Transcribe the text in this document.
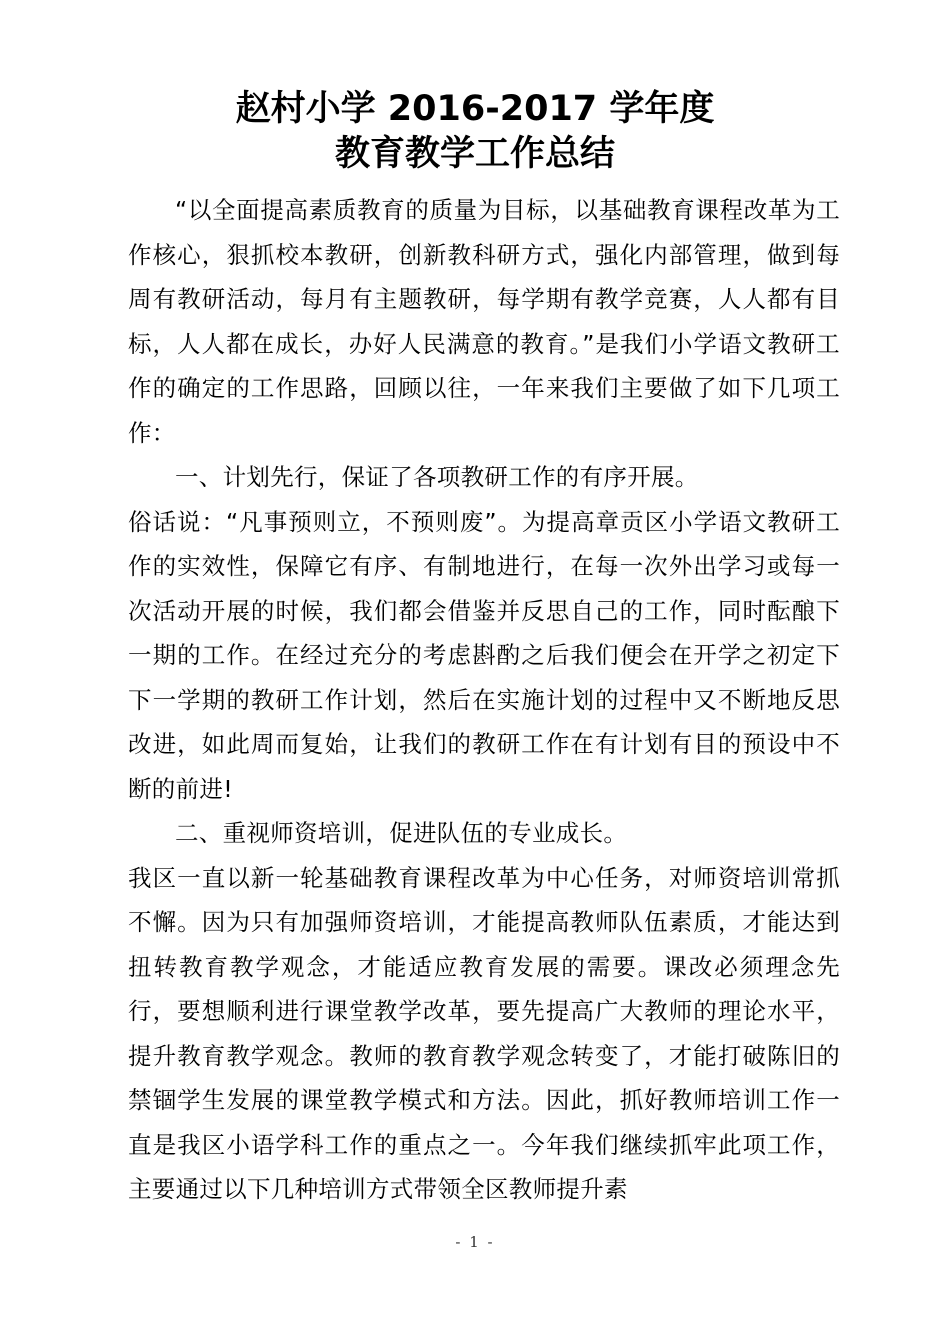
赵村小学 2016-2017 学年度
教育教学工作总结

“以全面提高素质教育的质量为目标，以基础教育课程改革为工作核心，狠抓校本教研，创新教科研方式，强化内部管理，做到每周有教研活动，每月有主题教研，每学期有教学竞赛，人人都有目标，人人都在成长，办好人民满意的教育。”是我们小学语文教研工作的确定的工作思路，回顾以往，一年来我们主要做了如下几项工作：

一、计划先行，保证了各项教研工作的有序开展。

俗话说：“凡事预则立，不预则废”。为提高章贡区小学语文教研工作的实效性，保障它有序、有制地进行，在每一次外出学习或每一次活动开展的时候，我们都会借鉴并反思自己的工作，同时酝酿下一期的工作。在经过充分的考虑斟酌之后我们便会在开学之初定下下一学期的教研工作计划，然后在实施计划的过程中又不断地反思改进，如此周而复始，让我们的教研工作在有计划有目的预设中不断的前进!

二、重视师资培训，促进队伍的专业成长。

我区一直以新一轮基础教育课程改革为中心任务，对师资培训常抓不懈。因为只有加强师资培训，才能提高教师队伍素质，才能达到扭转教育教学观念，才能适应教育发展的需要。课改必须理念先行，要想顺利进行课堂教学改革，要先提高广大教师的理论水平，提升教育教学观念。教师的教育教学观念转变了，才能打破陈旧的禁锢学生发展的课堂教学模式和方法。因此，抓好教师培训工作一直是我区小语学科工作的重点之一。今年我们继续抓牢此项工作，主要通过以下几种培训方式带领全区教师提升素

- 1 -
